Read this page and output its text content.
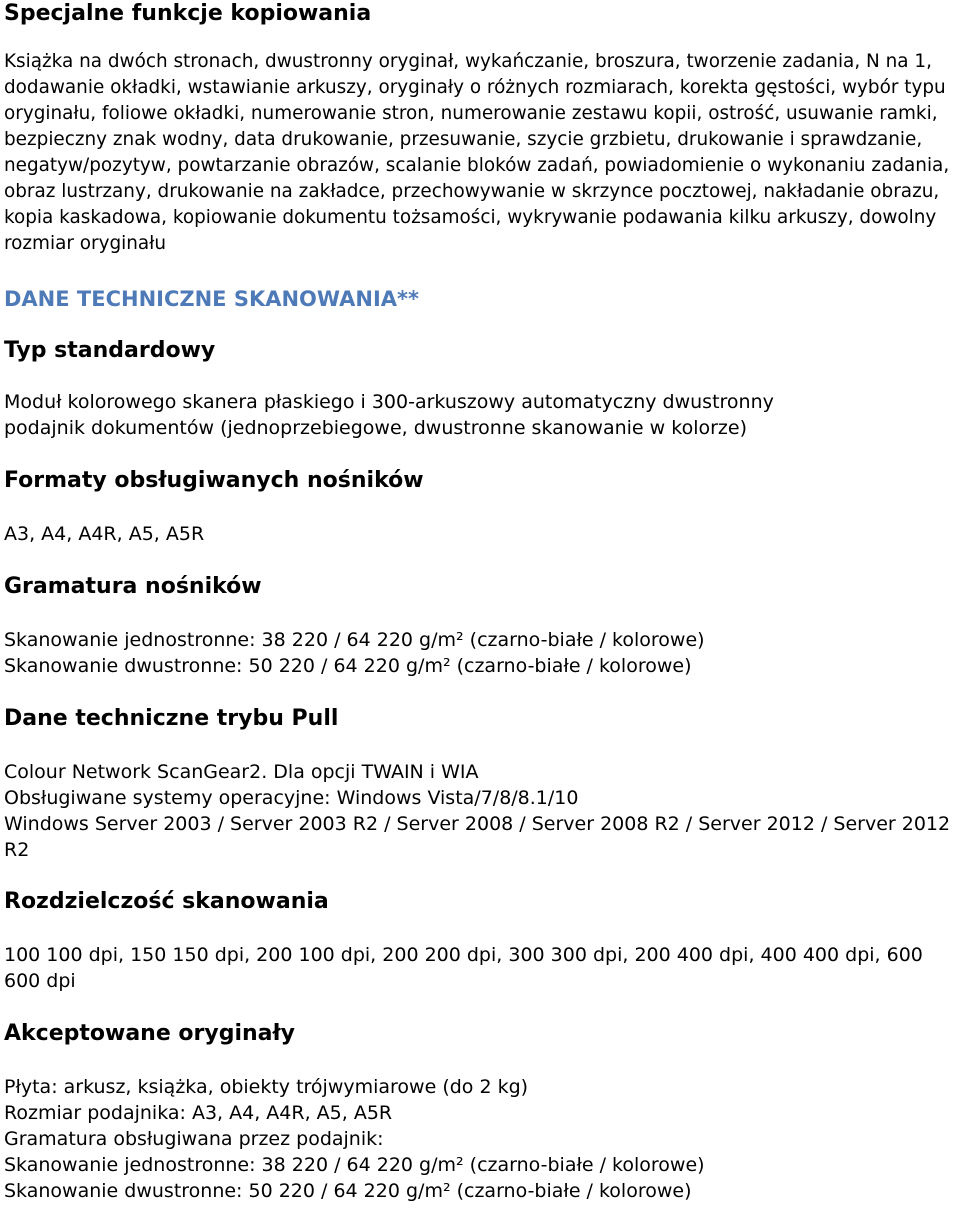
Specjalne funkcje kopiowania

Książka na dwóch stronach, dwustronny oryginał, wykańczanie, broszura, tworzenie zadania, N na 1, dodawanie okładki, wstawianie arkuszy, oryginały o różnych rozmiarach, korekta gęstości, wybór typu oryginału, foliowe okładki, numerowanie stron, numerowanie zestawu kopii, ostrość, usuwanie ramki, bezpieczny znak wodny, data drukowanie, przesuwanie, szycie grzbietu, drukowanie i sprawdzanie, negatyw/pozytyw, powtarzanie obrazów, scalanie bloków zadań, powiadomienie o wykonaniu zadania, obraz lustrzany, drukowanie na zakładce, przechowywanie w skrzynce pocztowej, nakładanie obrazu, kopia kaskadowa, kopiowanie dokumentu tożsamości, wykrywanie podawania kilku arkuszy, dowolny rozmiar oryginału

DANE TECHNICZNE SKANOWANIA**
Typ standardowy
Moduł kolorowego skanera płaskiego i 300-arkuszowy automatyczny dwustronny
podajnik dokumentów (jednoprzebiegowe, dwustronne skanowanie w kolorze)
Formaty obsługiwanych nośników
A3, A4, A4R, A5, A5R
Gramatura nośników
Skanowanie jednostronne: 38 220 / 64 220 g/m² (czarno-białe / kolorowe)
Skanowanie dwustronne: 50 220 / 64 220 g/m² (czarno-białe / kolorowe)
Dane techniczne trybu Pull
Colour Network ScanGear2. Dla opcji TWAIN i WIA
Obsługiwane systemy operacyjne: Windows Vista/7/8/8.1/10
Windows Server 2003 / Server 2003 R2 / Server 2008 / Server 2008 R2 / Server 2012 / Server 2012 R2
Rozdzielczość skanowania
100 100 dpi, 150 150 dpi, 200 100 dpi, 200 200 dpi, 300 300 dpi, 200 400 dpi, 400 400 dpi, 600 600 dpi
Akceptowane oryginały
Płyta: arkusz, książka, obiekty trójwymiarowe (do 2 kg)
Rozmiar podajnika: A3, A4, A4R, A5, A5R
Gramatura obsługiwana przez podajnik:
Skanowanie jednostronne: 38 220 / 64 220 g/m² (czarno-białe / kolorowe)
Skanowanie dwustronne: 50 220 / 64 220 g/m² (czarno-białe / kolorowe)
